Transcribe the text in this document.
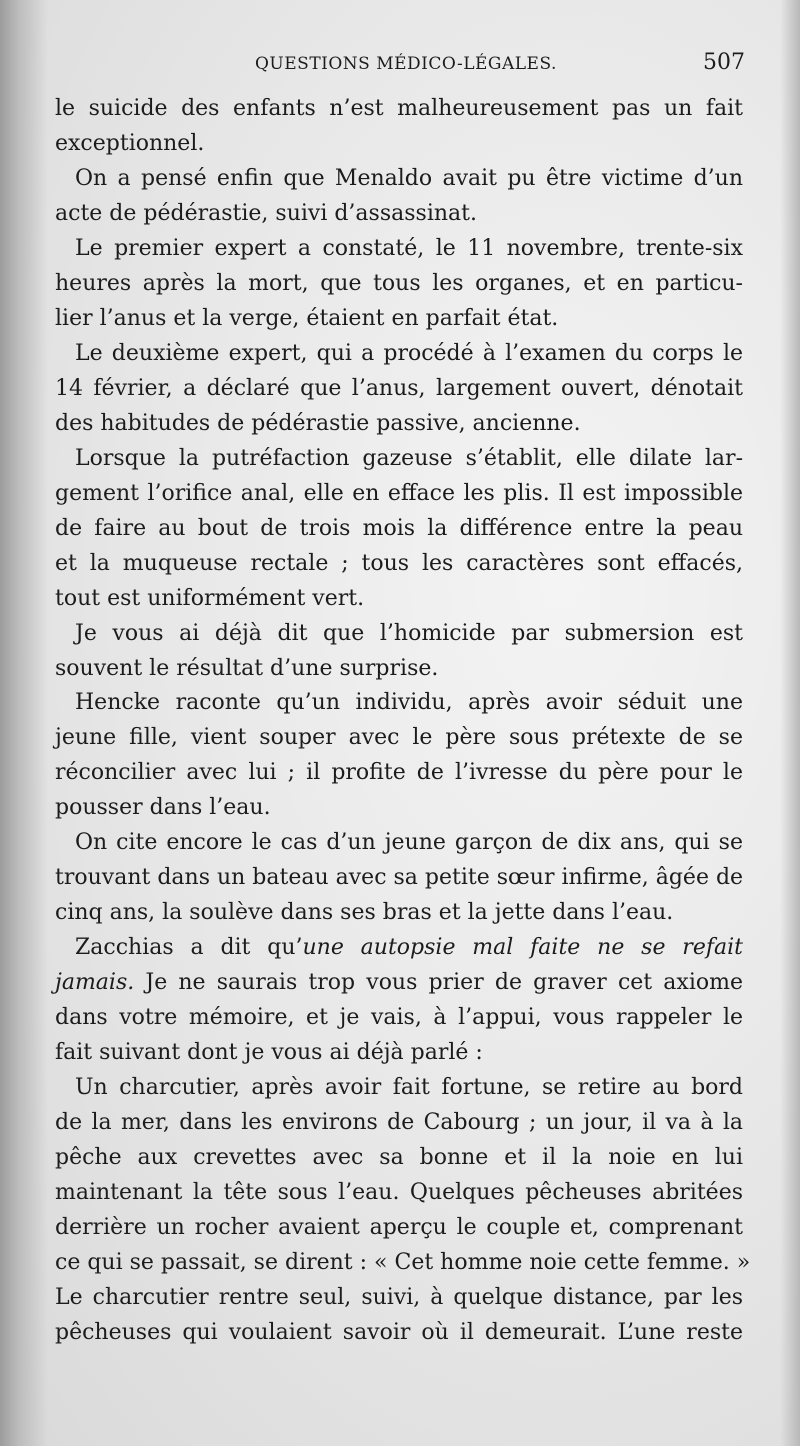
QUESTIONS MÉDICO-LÉGALES.	507
le suicide des enfants n’est malheureusement pas un fait
exceptionnel.
On a pensé enfin que Menaldo avait pu être victime d’un
acte de pédérastie, suivi d’assassinat.
Le premier expert a constaté, le 11 novembre, trente-six
heures après la mort, que tous les organes, et en particu-
lier l’anus et la verge, étaient en parfait état.
Le deuxième expert, qui a procédé à l’examen du corps le
14 février, a déclaré que l’anus, largement ouvert, dénotait
des habitudes de pédérastie passive, ancienne.
Lorsque la putréfaction gazeuse s’établit, elle dilate lar-
gement l’orifice anal, elle en efface les plis. Il est impossible
de faire au bout de trois mois la différence entre la peau
et la muqueuse rectale ; tous les caractères sont effacés,
tout est uniformément vert.
Je vous ai déjà dit que l’homicide par submersion est
souvent le résultat d’une surprise.
Hencke raconte qu’un individu, après avoir séduit une
jeune fille, vient souper avec le père sous prétexte de se
réconcilier avec lui ; il profite de l’ivresse du père pour le
pousser dans l’eau.
On cite encore le cas d’un jeune garçon de dix ans, qui se
trouvant dans un bateau avec sa petite sœur infirme, âgée de
cinq ans, la soulève dans ses bras et la jette dans l’eau.
Zacchias a dit qu’une autopsie mal faite ne se refait
jamais. Je ne saurais trop vous prier de graver cet axiome
dans votre mémoire, et je vais, à l’appui, vous rappeler le
fait suivant dont je vous ai déjà parlé :
Un charcutier, après avoir fait fortune, se retire au bord
de la mer, dans les environs de Cabourg ; un jour, il va à la
pêche aux crevettes avec sa bonne et il la noie en lui
maintenant la tête sous l’eau. Quelques pêcheuses abritées
derrière un rocher avaient aperçu le couple et, comprenant
ce qui se passait, se dirent : « Cet homme noie cette femme. »
Le charcutier rentre seul, suivi, à quelque distance, par les
pêcheuses qui voulaient savoir où il demeurait. L’une reste
